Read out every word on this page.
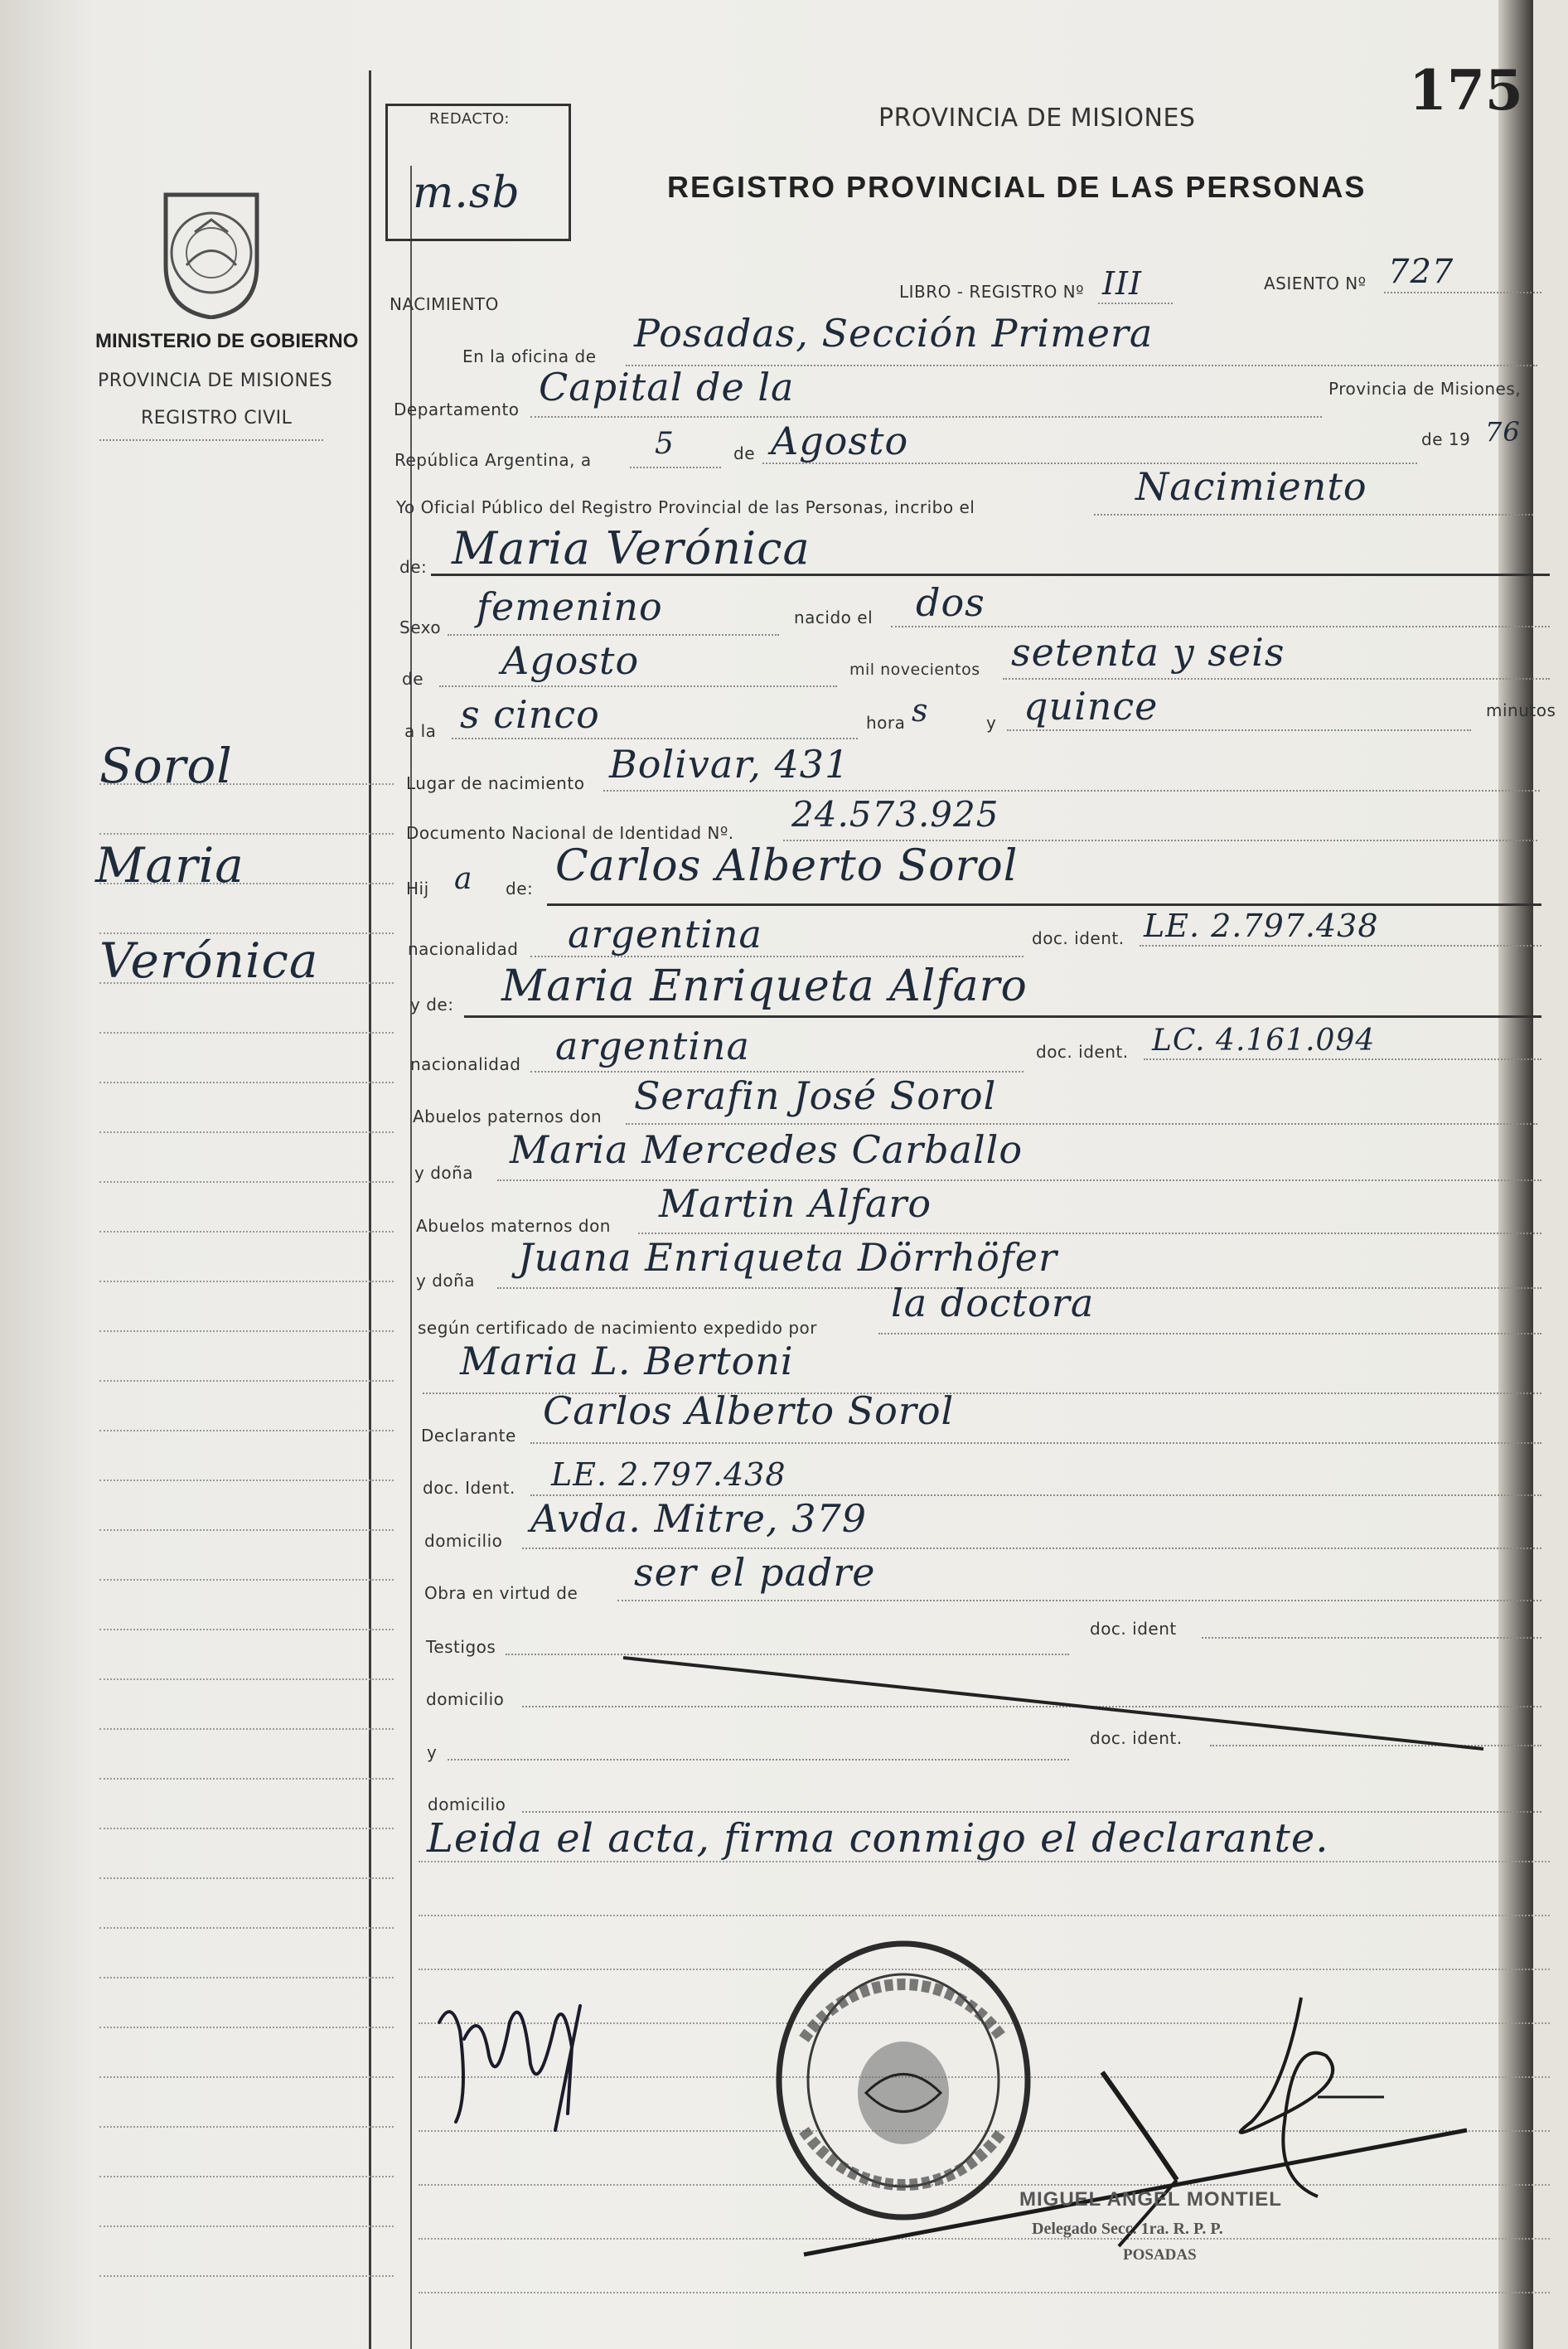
175
REDACTO:
m.sb
PROVINCIA DE MISIONES
REGISTRO PROVINCIAL DE LAS PERSONAS
MINISTERIO DE GOBIERNO
PROVINCIA DE MISIONES
REGISTRO CIVIL
Sorol
Maria
Verónica
NACIMIENTO
LIBRO - REGISTRO Nº III	ASIENTO Nº 727
En la oficina de
Posadas, Sección Primera
Departamento Capital de la	Provincia de Misiones,
República Argentina, a 5	de Agosto	de 19 76
Yo Oficial Público del Registro Provincial de las Personas, incribo el	Nacimiento
de: Maria Verónica
Sexo femenino	nacido el dos
de Agosto	mil novecientos setenta y seis
a la s cinco	hora s	y quince	minutos
Lugar de nacimiento Bolivar, 431
Documento Nacional de Identidad Nº. 24.573.925
Hij a de: Carlos Alberto Sorol
nacionalidad argentina	doc. ident. LE. 2.797.438
y de: Maria Enriqueta Alfaro
nacionalidad argentina	doc. ident. LC. 4.161.094
Abuelos paternos don Serafin José Sorol
y doña
Maria Mercedes Carballo
Abuelos maternos don Martin Alfaro
y doña
Juana Enriqueta Dörrhöfer
según certificado de nacimiento expedido por
la doctora
Maria L. Bertoni
Declarante
Carlos Alberto Sorol
doc. Ident. LE. 2.797.438
domicilio Avda. Mitre, 379
Obra en virtud de ser el padre
Testigos
doc. ident
domicilio
y
doc. ident.
domicilio
Leida el acta, firma conmigo el declarante.
MIGUEL ANGEL MONTIEL
Delegado Secc. 1ra. R. P. P.
POSADAS
